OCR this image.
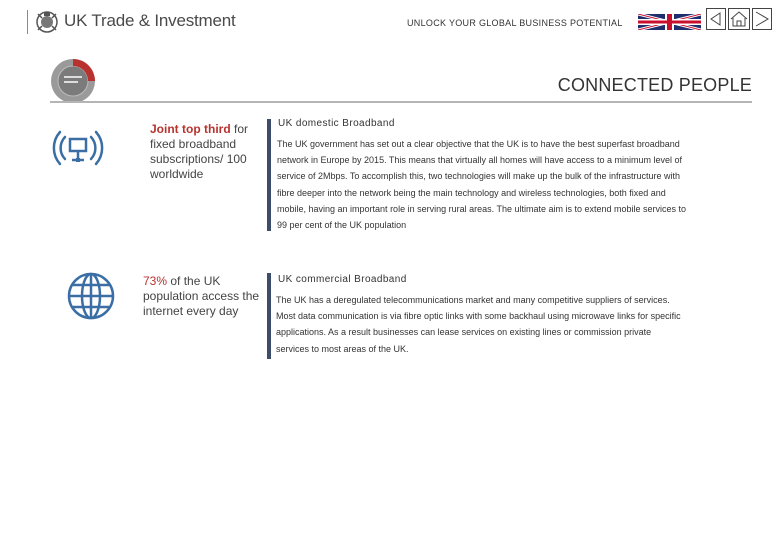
UK Trade & Investment	UNLOCK YOUR GLOBAL BUSINESS POTENTIAL
CONNECTED PEOPLE
Joint top third for fixed broadband subscriptions/ 100 worldwide
73% of the UK population access the internet every day
UK domestic Broadband
The UK government has set out a clear objective that the UK is to have the best superfast broadband
network in Europe by 2015. This means that virtually all homes will have access to a minimum level of
service of 2Mbps. To accomplish this, two technologies will make up the bulk of the infrastructure with
fibre deeper into the network being the main technology and wireless technologies, both fixed and
mobile, having an important role in serving rural areas. The ultimate aim is to extend mobile services to
99 per cent of the UK population
UK commercial Broadband
The UK has a deregulated telecommunications market and many competitive suppliers of services.
Most data communication is via fibre optic links with some backhaul using microwave links for specific
applications. As a result businesses can lease services on existing lines or commission private
services to most areas of the UK.
